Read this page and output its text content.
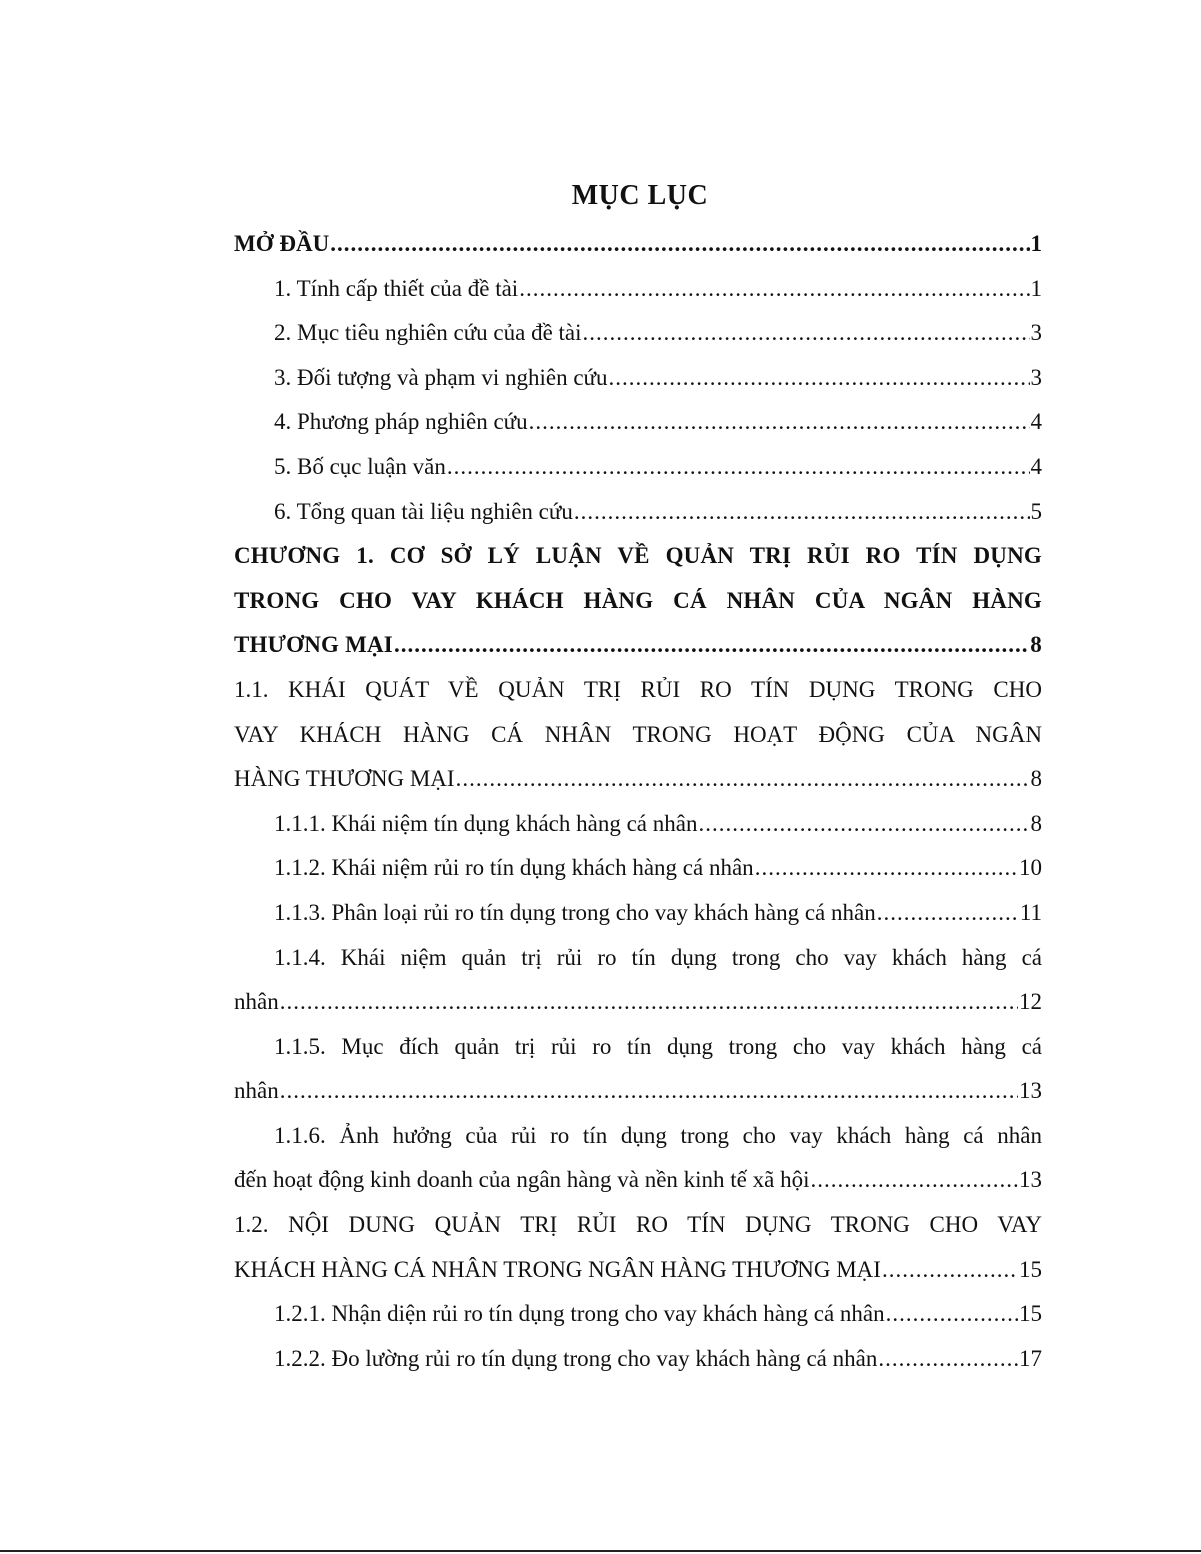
MỤC LỤC
MỞ ĐẦU .....	1
1. Tính cấp thiết của đề tài .....	1
2. Mục tiêu nghiên cứu của đề tài .....	3
3. Đối tượng và phạm vi nghiên cứu .....	3
4. Phương pháp nghiên cứu .....	4
5. Bố cục luận văn .....	4
6. Tổng quan tài liệu nghiên cứu .....	5
CHƯƠNG 1. CƠ SỞ LÝ LUẬN VỀ QUẢN TRỊ RỦI RO TÍN DỤNG
TRONG CHO VAY KHÁCH HÀNG CÁ NHÂN CỦA NGÂN HÀNG
THƯƠNG MẠI .....	8
1.1. KHÁI QUÁT VỀ QUẢN TRỊ RỦI RO TÍN DỤNG TRONG CHO
VAY KHÁCH HÀNG CÁ NHÂN TRONG HOẠT ĐỘNG CỦA NGÂN
HÀNG THƯƠNG MẠI .....	8
1.1.1. Khái niệm tín dụng khách hàng cá nhân .....	8
1.1.2. Khái niệm rủi ro tín dụng khách hàng cá nhân .....	10
1.1.3. Phân loại rủi ro tín dụng trong cho vay khách hàng cá nhân .....	11
1.1.4. Khái niệm quản trị rủi ro tín dụng trong cho vay khách hàng cá
nhân .....	12
1.1.5. Mục đích quản trị rủi ro tín dụng trong cho vay khách hàng cá
nhân .....	13
1.1.6. Ảnh hưởng của rủi ro tín dụng trong cho vay khách hàng cá nhân
đến hoạt động kinh doanh của ngân hàng và nền kinh tế xã hội .....	13
1.2. NỘI DUNG QUẢN TRỊ RỦI RO TÍN DỤNG TRONG CHO VAY
KHÁCH HÀNG CÁ NHÂN TRONG NGÂN HÀNG THƯƠNG MẠI .....	15
1.2.1. Nhận diện rủi ro tín dụng trong cho vay khách hàng cá nhân .....	15
1.2.2. Đo lường rủi ro tín dụng trong cho vay khách hàng cá nhân .....	17
